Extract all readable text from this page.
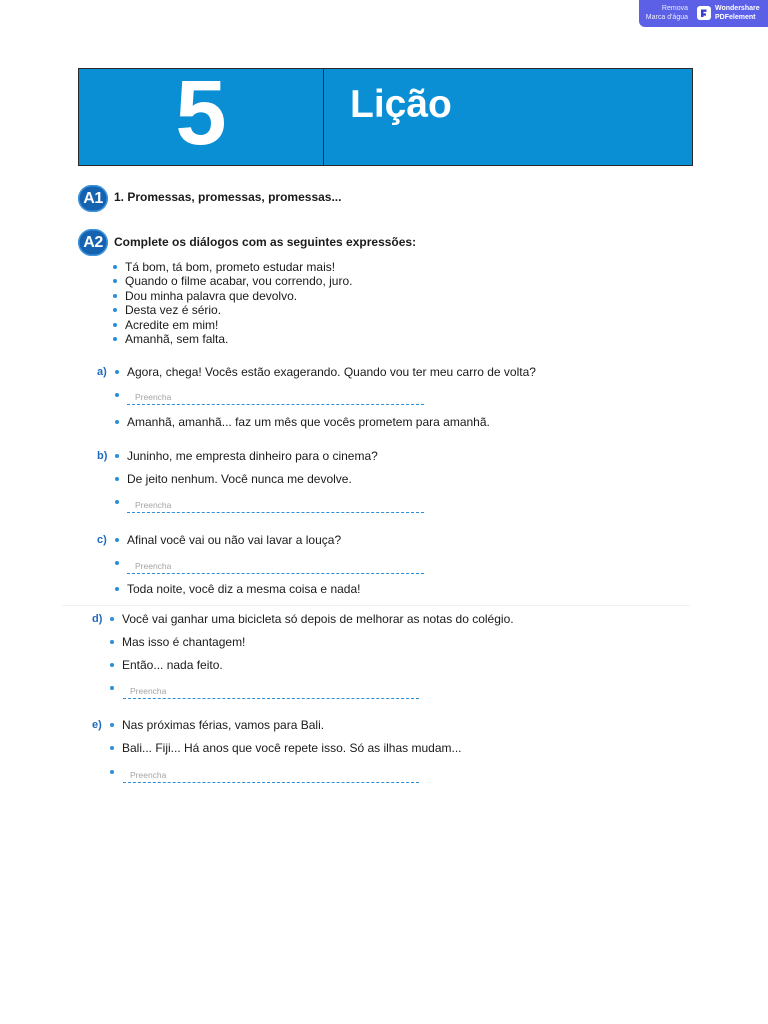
Remova
Marca d'água
Wondershare
PDFelement
5	Lição
A1 1. Promessas, promessas, promessas...
A2 Complete os diálogos com as seguintes expressões:
Tá bom, tá bom, prometo estudar mais!
Quando o filme acabar, vou correndo, juro.
Dou minha palavra que devolvo.
Desta vez é sério.
Acredite em mim!
Amanhã, sem falta.
a) Agora, chega! Vocês estão exagerando. Quando vou ter meu carro de volta?
Preencha
Amanhã, amanhã... faz um mês que vocês prometem para amanhã.
b) Juninho, me empresta dinheiro para o cinema?
De jeito nenhum. Você nunca me devolve.
Preencha
c) Afinal você vai ou não vai lavar a louça?
Preencha
Toda noite, você diz a mesma coisa e nada!
d) Você vai ganhar uma bicicleta só depois de melhorar as notas do colégio.
Mas isso é chantagem!
Então... nada feito.
Preencha
e) Nas próximas férias, vamos para Bali.
Bali... Fiji... Há anos que você repete isso. Só as ilhas mudam...
Preencha
